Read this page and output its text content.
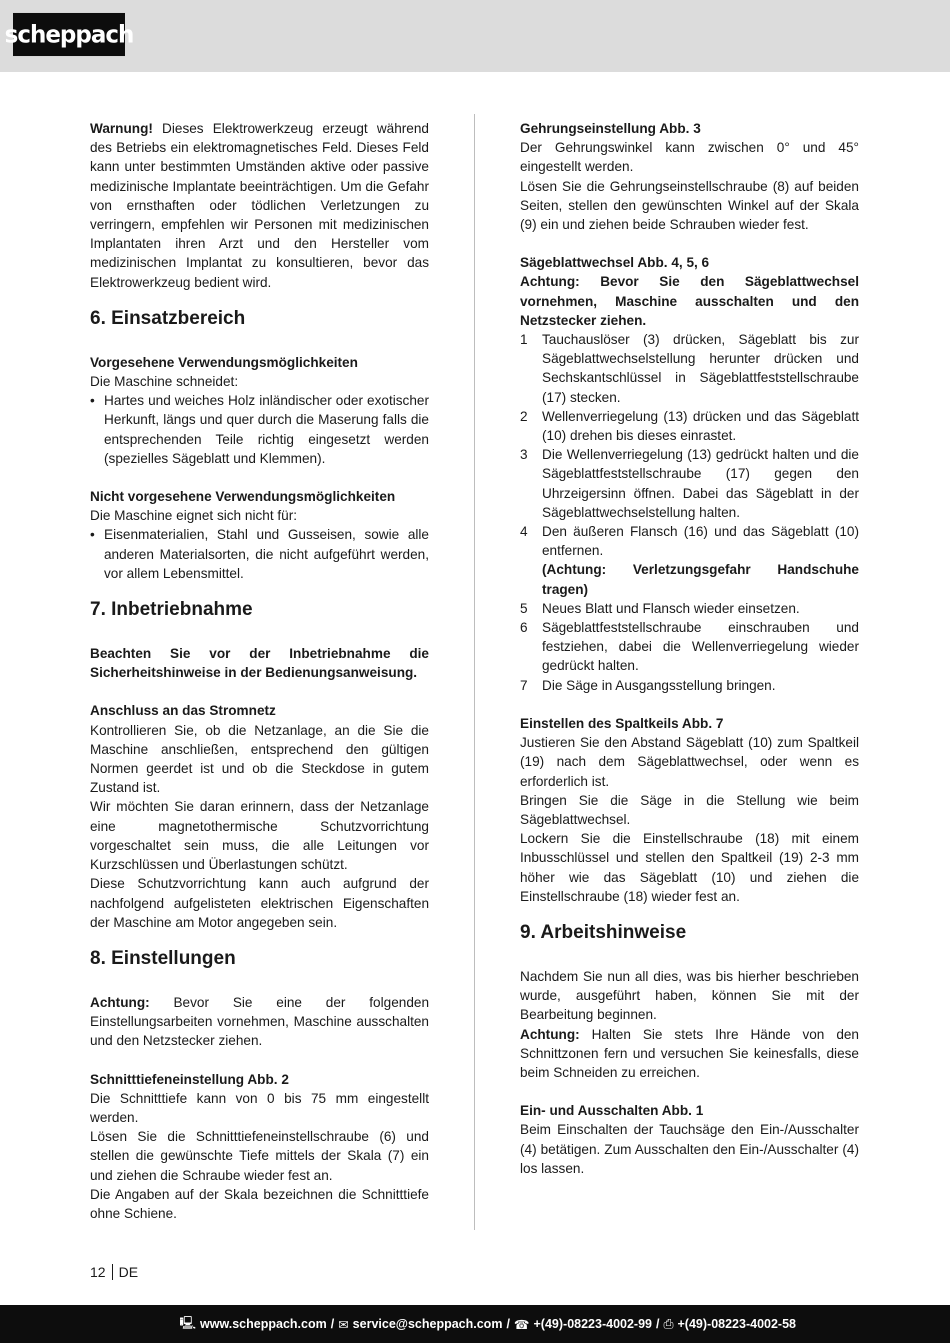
scheppach

Warnung! Dieses Elektrowerkzeug erzeugt während des Betriebs ein elektromagnetisches Feld. Dieses Feld kann unter bestimmten Umständen aktive oder passive medizinische Implantate beeinträchtigen. Um die Gefahr von ernsthaften oder tödlichen Verletzungen zu verringern, empfehlen wir Personen mit medizinischen Implantaten ihren Arzt und den Hersteller vom medizinischen Implantat zu konsultieren, bevor das Elektrowerkzeug bedient wird.

6. Einsatzbereich

Vorgesehene Verwendungsmöglichkeiten

Die Maschine schneidet:

• Hartes und weiches Holz inländischer oder exotischer Herkunft, längs und quer durch die Maserung falls die entsprechenden Teile richtig eingesetzt werden (spezielles Sägeblatt und Klemmen).

Nicht vorgesehene Verwendungsmöglichkeiten

Die Maschine eignet sich nicht für:

• Eisenmaterialien, Stahl und Gusseisen, sowie alle anderen Materialsorten, die nicht aufgeführt werden, vor allem Lebensmittel.
7. Inbetriebnahme

Beachten Sie vor der Inbetriebnahme die Sicherheitshinweise in der Bedienungsanweisung.

Anschluss an das Stromnetz

Kontrollieren Sie, ob die Netzanlage, an die Sie die Maschine anschließen, entsprechend den gültigen Normen geerdet ist und ob die Steckdose in gutem Zustand ist.

Wir möchten Sie daran erinnern, dass der Netzanlage eine magnetothermische Schutzvorrichtung vorgeschaltet sein muss, die alle Leitungen vor Kurzschlüssen und Überlastungen schützt.

Diese Schutzvorrichtung kann auch aufgrund der nachfolgend aufgelisteten elektrischen Eigenschaften der Maschine am Motor angegeben sein.

8. Einstellungen

Achtung: Bevor Sie eine der folgenden Einstellungsarbeiten vornehmen, Maschine ausschalten und den Netzstecker ziehen.

Schnitttiefeneinstellung Abb. 2

Die Schnitttiefe kann von 0 bis 75 mm eingestellt werden.

Lösen Sie die Schnitttiefeneinstellschraube (6) und stellen die gewünschte Tiefe mittels der Skala (7) ein und ziehen die Schraube wieder fest an.

Die Angaben auf der Skala bezeichnen die Schnitttiefe ohne Schiene.

Gehrungseinstellung Abb. 3

Der Gehrungswinkel kann zwischen 0° und 45° eingestellt werden.

Lösen Sie die Gehrungseinstellschraube (8) auf beiden Seiten, stellen den gewünschten Winkel auf der Skala (9) ein und ziehen beide Schrauben wieder fest.

Sägeblattwechsel Abb. 4, 5, 6

Achtung: Bevor Sie den Sägeblattwechsel vornehmen, Maschine ausschalten und den Netzstecker ziehen.

1 Tauchauslöser (3) drücken, Sägeblatt bis zur Sägeblattwechselstellung herunter drücken und Sechskantschlüssel in Sägeblattfeststellschraube (17) stecken.
2 Wellenverriegelung (13) drücken und das Sägeblatt (10) drehen bis dieses einrastet.
3 Die Wellenverriegelung (13) gedrückt halten und die Sägeblattfeststellschraube (17) gegen den Uhrzeigersinn öffnen. Dabei das Sägeblatt in der Sägeblattwechselstellung halten.
4 Den äußeren Flansch (16) und das Sägeblatt (10) entfernen.
(Achtung: Verletzungsgefahr Handschuhe tragen)
5 Neues Blatt und Flansch wieder einsetzen.
6 Sägeblattfeststellschraube einschrauben und festziehen, dabei die Wellenverriegelung wieder gedrückt halten.
7 Die Säge in Ausgangsstellung bringen.

Einstellen des Spaltkeils Abb. 7

Justieren Sie den Abstand Sägeblatt (10) zum Spaltkeil (19) nach dem Sägeblattwechsel, oder wenn es erforderlich ist.

Bringen Sie die Säge in die Stellung wie beim Sägeblattwechsel.

Lockern Sie die Einstellschraube (18) mit einem Inbusschlüssel und stellen den Spaltkeil (19) 2-3 mm höher wie das Sägeblatt (10) und ziehen die Einstellschraube (18) wieder fest an.

9. Arbeitshinweise

Nachdem Sie nun all dies, was bis hierher beschrieben wurde, ausgeführt haben, können Sie mit der Bearbeitung beginnen.

Achtung: Halten Sie stets Ihre Hände von den Schnittzonen fern und versuchen Sie keinesfalls, diese beim Schneiden zu erreichen.

Ein- und Ausschalten Abb. 1

Beim Einschalten der Tauchsäge den Ein-/Ausschalter (4) betätigen. Zum Ausschalten den Ein-/Ausschalter (4) los lassen.

12 DE
🖳 www.scheppach.com / ✉ service@scheppach.com / ☎ +(49)-08223-4002-99 / ⎙ +(49)-08223-4002-58
